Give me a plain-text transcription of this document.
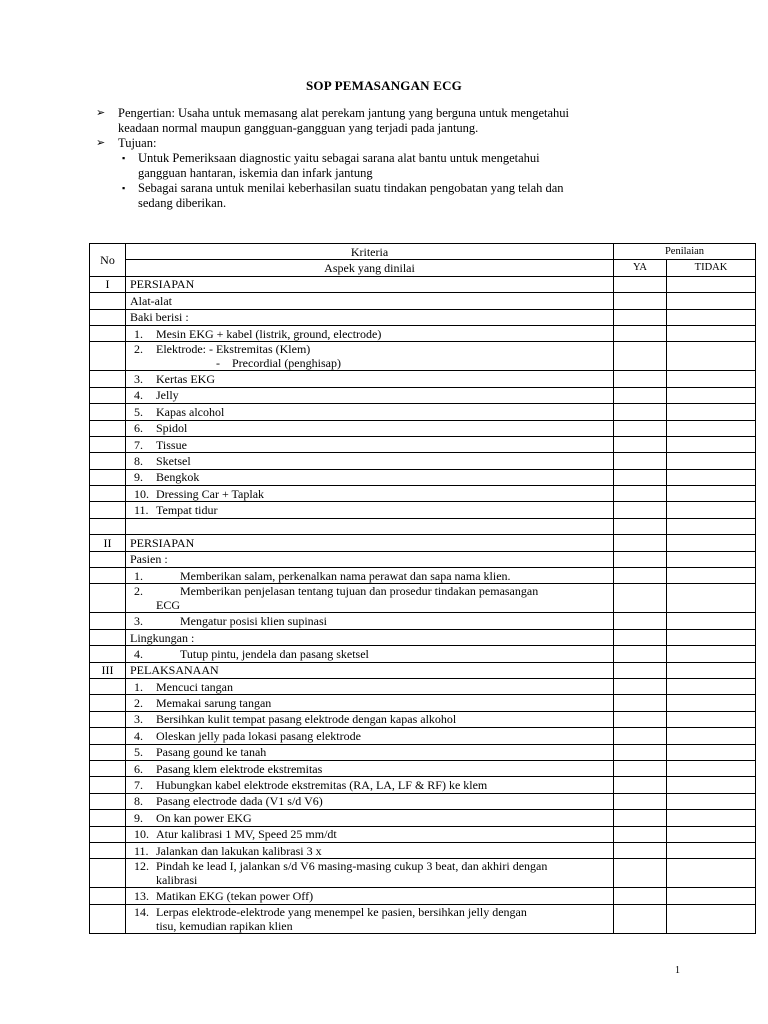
SOP PEMASANGAN ECG
➢	Pengertian: Usaha untuk memasang alat perekam jantung yang berguna untuk mengetahui
keadaan normal maupun gangguan-gangguan yang terjadi pada jantung.
➢	Tujuan:
▪ Untuk Pemeriksaan diagnostic yaitu sebagai sarana alat bantu untuk mengetahui
gangguan hantaran, iskemia dan infark jantung
▪ Sebagai sarana untuk menilai keberhasilan suatu tindakan pengobatan yang telah dan
sedang diberikan.
No	Kriteria	Penilaian	
	Aspek yang dinilai	YA	TIDAK
I	PERSIAPAN		
	Alat-alat		
	Baki berisi :		
	1. Mesin EKG + kabel (listrik, ground, electrode)		
	2. Elektrode: - Ekstremitas (Klem)
- Precordial (penghisap)		
	3. Kertas EKG		
	4. Jelly		
	5. Kapas alcohol		
	6. Spidol		
	7. Tissue		
	8. Sketsel		
	9. Bengkok		
	10. Dressing Car + Taplak		
	11. Tempat tidur		

II	PERSIAPAN		
	Pasien :		
	1. Memberikan salam, perkenalkan nama perawat dan sapa nama klien.		
	2. Memberikan penjelasan tentang tujuan dan prosedur tindakan pemasangan
ECG		
	3. Mengatur posisi klien supinasi		
	Lingkungan :		
	4. Tutup pintu, jendela dan pasang sketsel		
III	PELAKSANAAN		
	1. Mencuci tangan		
	2. Memakai sarung tangan		
	3. Bersihkan kulit tempat pasang elektrode dengan kapas alkohol		
	4. Oleskan jelly pada lokasi pasang elektrode		
	5. Pasang gound ke tanah		
	6. Pasang klem elektrode ekstremitas		
	7. Hubungkan kabel elektrode ekstremitas (RA, LA, LF & RF) ke klem		
	8. Pasang electrode dada (V1 s/d V6)		
	9. On kan power EKG		
	10. Atur kalibrasi 1 MV, Speed 25 mm/dt		
	11. Jalankan dan lakukan kalibrasi 3 x		
	12. Pindah ke lead I, jalankan s/d V6 masing-masing cukup 3 beat, dan akhiri dengan
kalibrasi		
	13. Matikan EKG (tekan power Off)		
	14. Lerpas elektrode-elektrode yang menempel ke pasien, bersihkan jelly dengan
tisu, kemudian rapikan klien		
1
